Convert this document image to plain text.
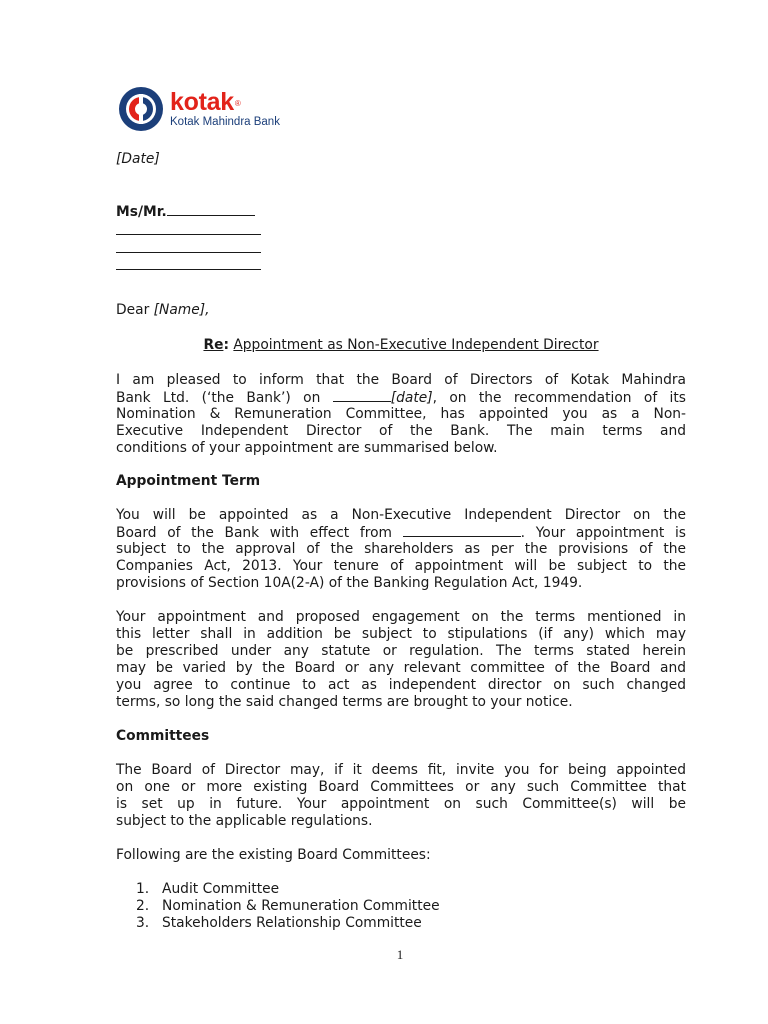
kotak®
Kotak Mahindra Bank
[Date]
Ms/Mr.
Dear [Name],
Re: Appointment as Non-Executive Independent Director
I am pleased to inform that the Board of Directors of Kotak Mahindra
Bank Ltd. (‘the Bank’) on	[date], on the recommendation of its
Nomination & Remuneration Committee, has appointed you as a Non-
Executive Independent Director of the Bank. The main terms and
conditions of your appointment are summarised below.
Appointment Term
You will be appointed as a Non-Executive Independent Director on the
Board of the Bank with effect from	. Your appointment is
subject to the approval of the shareholders as per the provisions of the
Companies Act, 2013. Your tenure of appointment will be subject to the
provisions of Section 10A(2-A) of the Banking Regulation Act, 1949.
Your appointment and proposed engagement on the terms mentioned in
this letter shall in addition be subject to stipulations (if any) which may
be prescribed under any statute or regulation. The terms stated herein
may be varied by the Board or any relevant committee of the Board and
you agree to continue to act as independent director on such changed
terms, so long the said changed terms are brought to your notice.
Committees
The Board of Director may, if it deems fit, invite you for being appointed
on one or more existing Board Committees or any such Committee that
is set up in future. Your appointment on such Committee(s) will be
subject to the applicable regulations.
Following are the existing Board Committees:
1. Audit Committee
2. Nomination & Remuneration Committee
3. Stakeholders Relationship Committee
1
